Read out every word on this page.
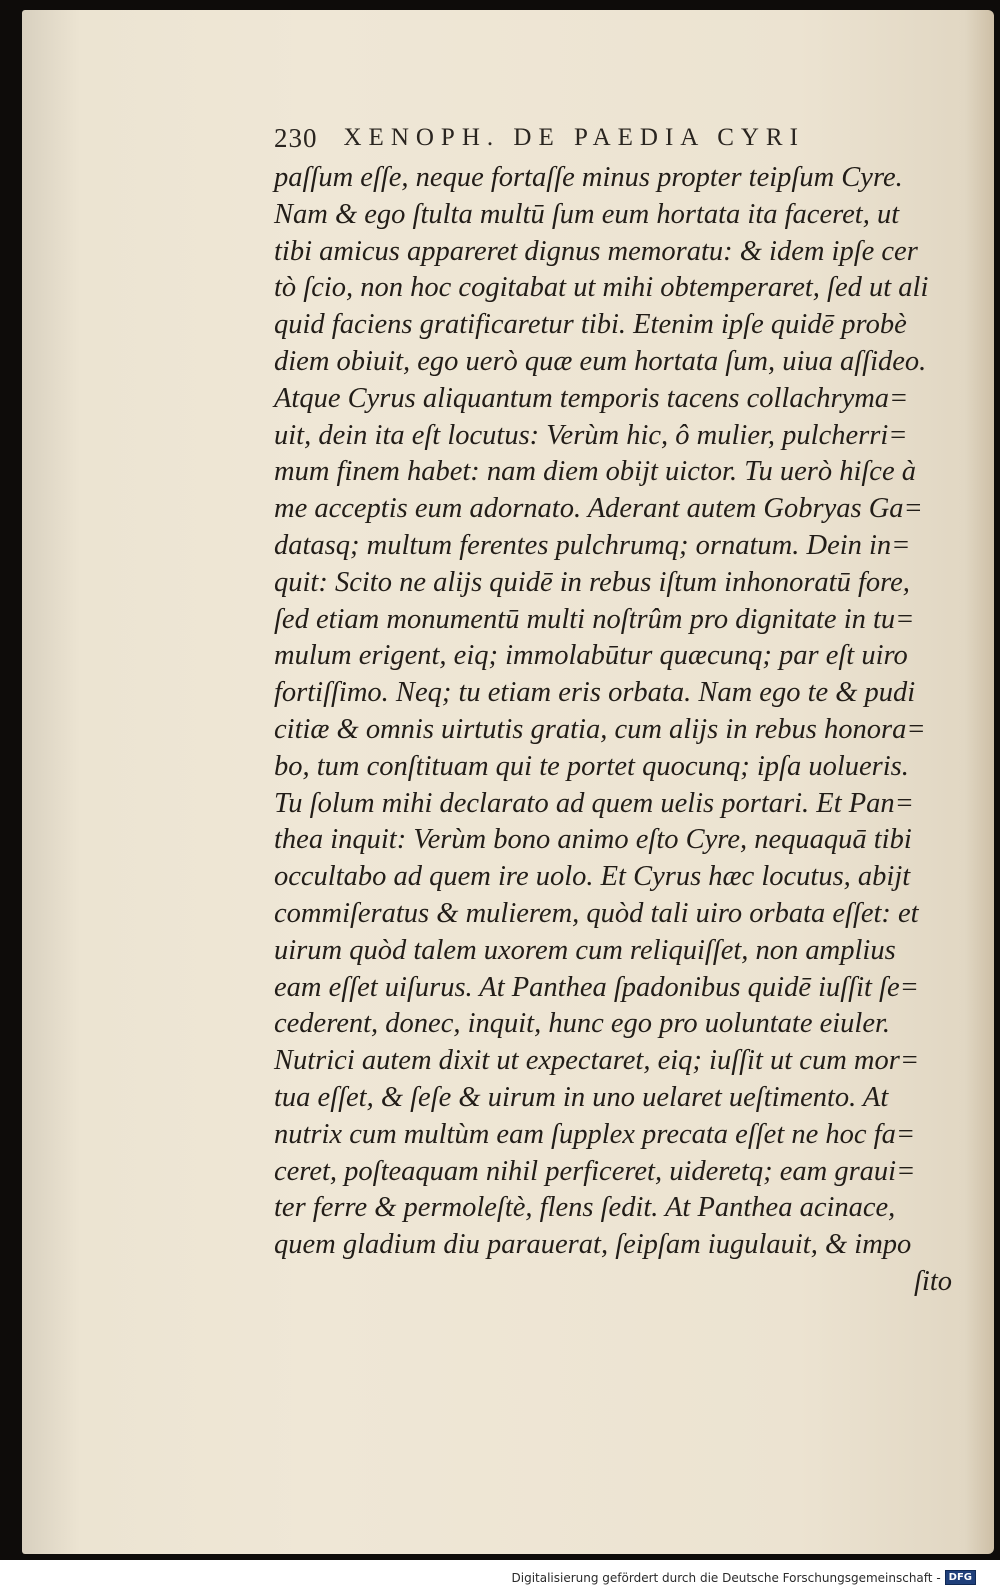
230 XENOPH. DE PAEDIA CYRI
paſſum eſſe, neque fortaſſe minus propter teipſum Cyre.
Nam & ego ſtulta multū ſum eum hortata ita faceret, ut
tibi amicus appareret dignus memoratu: & idem ipſe cer
tò ſcio, non hoc cogitabat ut mihi obtemperaret, ſed ut ali
quid faciens gratificaretur tibi. Etenim ipſe quidē probè
diem obiuit, ego uerò quæ eum hortata ſum, uiua aſſideo.
Atque Cyrus aliquantum temporis tacens collachryma=
uit, dein ita eſt locutus: Verùm hic, ô mulier, pulcherri=
mum finem habet: nam diem obijt uictor. Tu uerò hiſce à
me acceptis eum adornato. Aderant autem Gobryas Ga=
datasq; multum ferentes pulchrumq; ornatum. Dein in=
quit: Scito ne alijs quidē in rebus iſtum inhonoratū fore,
ſed etiam monumentū multi noſtrûm pro dignitate in tu=
mulum erigent, eiq; immolabūtur quæcunq; par eſt uiro
fortiſſimo. Neq; tu etiam eris orbata. Nam ego te & pudi
citiæ & omnis uirtutis gratia, cum alijs in rebus honora=
bo, tum conſtituam qui te portet quocunq; ipſa uolueris.
Tu ſolum mihi declarato ad quem uelis portari. Et Pan=
thea inquit: Verùm bono animo eſto Cyre, nequaquā tibi
occultabo ad quem ire uolo. Et Cyrus hæc locutus, abijt
commiſeratus & mulierem, quòd tali uiro orbata eſſet: et
uirum quòd talem uxorem cum reliquiſſet, non amplius
eam eſſet uiſurus. At Panthea ſpadonibus quidē iuſſit ſe=
cederent, donec, inquit, hunc ego pro uoluntate eiuler.
Nutrici autem dixit ut expectaret, eiq; iuſſit ut cum mor=
tua eſſet, & ſeſe & uirum in uno uelaret ueſtimento. At
nutrix cum multùm eam ſupplex precata eſſet ne hoc fa=
ceret, poſteaquam nihil perficeret, uideretq; eam graui=
ter ferre & permoleſtè, flens ſedit. At Panthea acinace,
quem gladium diu parauerat, ſeipſam iugulauit, & impo
ſito
Digitalisierung gefördert durch die Deutsche Forschungsgemeinschaft - DFG
